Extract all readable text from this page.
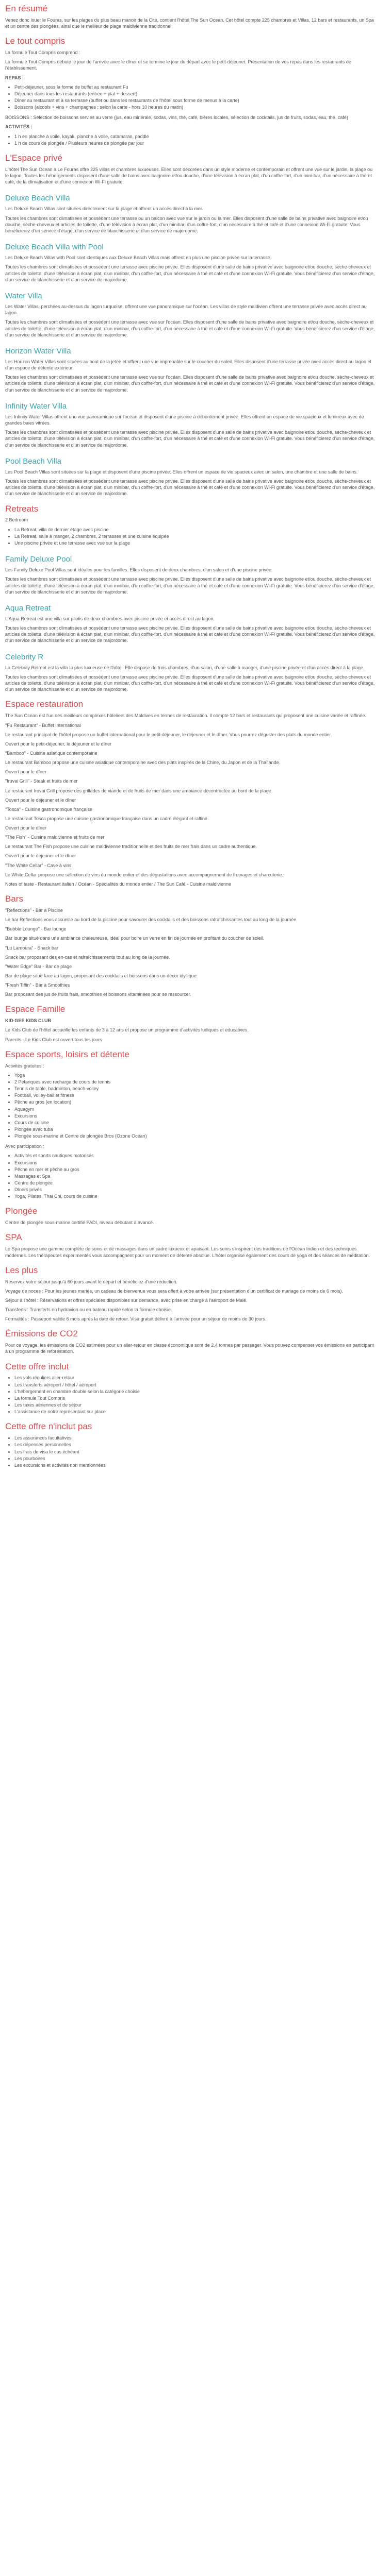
En résumé

Venez donc louer le Fouras, sur les plages du plus beau manoir de la Cité, contient l'hôtel The Sun Ocean. Cet hôtel compte 225 chambres et Villas, 12 bars et restaurants, un Spa et un centre des plongées, ainsi que le meilleur de plage maldivienne traditionnel.

Le tout compris

La formule Tout Compris comprend :

La formule Tout Compris débute le jour de l'arrivée avec le dîner et se termine le jour du départ avec le petit-déjeuner. Présentation de vos repas dans les restaurants de l'établissement.

REPAS :

• Petit-déjeuner, sous la forme de buffet au restaurant Fu
• Déjeuner dans tous les restaurants (entrée + plat + dessert)
• Dîner au restaurant et à sa terrasse (buffet ou dans les restaurants de l'hôtel sous forme de menus à la carte)
• Boissons (alcools + vins + champagnes : selon la carte - hors 10 heures du matin)

BOISSONS : Sélection de boissons servies au verre (jus, eau minérale, sodas, vins, thé, café, bières locales, sélection de cocktails, jus de fruits, sodas, eau, thé, café)

ACTIVITÉS :

• 1 h en planche à voile, kayak, planche à voile, catamaran, paddle
• 1 h de cours de plongée / Plusieurs heures de plongée par jour
L'Espace privé

L'hôtel The Sun Ocean à Le Fouras offre 225 villas et chambres luxueuses. Elles sont décorées dans un style moderne et contemporain et offrent une vue sur le jardin, la plage ou le lagon. Toutes les hébergements disposent d'une salle de bains avec baignoire et/ou douche, d'une télévision à écran plat, d'un coffre-fort, d'un mini-bar, d'un nécessaire à thé et café, de la climatisation et d'une connexion Wi-Fi gratuite.

Deluxe Beach Villa

Les Deluxe Beach Villas sont situées directement sur la plage et offrent un accès direct à la mer.

Toutes les chambres sont climatisées et possèdent une terrasse ou un balcon avec vue sur le jardin ou la mer. Elles disposent d'une salle de bains privative avec baignoire et/ou douche, sèche-cheveux et articles de toilette, d'une télévision à écran plat, d'un minibar, d'un coffre-fort, d'un nécessaire à thé et café et d'une connexion Wi-Fi gratuite. Vous bénéficierez d'un service d'étage, d'un service de blanchisserie et d'un service de majordome.

Deluxe Beach Villa with Pool

Les Deluxe Beach Villas with Pool sont identiques aux Deluxe Beach Villas mais offrent en plus une piscine privée sur la terrasse.

Toutes les chambres sont climatisées et possèdent une terrasse avec piscine privée. Elles disposent d'une salle de bains privative avec baignoire et/ou douche, sèche-cheveux et articles de toilette, d'une télévision à écran plat, d'un minibar, d'un coffre-fort, d'un nécessaire à thé et café et d'une connexion Wi-Fi gratuite. Vous bénéficierez d'un service d'étage, d'un service de blanchisserie et d'un service de majordome.

Water Villa

Les Water Villas, perchées au-dessus du lagon turquoise, offrent une vue panoramique sur l'océan. Les villas de style maldivien offrent une terrasse privée avec accès direct au lagon.

Toutes les chambres sont climatisées et possèdent une terrasse avec vue sur l'océan. Elles disposent d'une salle de bains privative avec baignoire et/ou douche, sèche-cheveux et articles de toilette, d'une télévision à écran plat, d'un minibar, d'un coffre-fort, d'un nécessaire à thé et café et d'une connexion Wi-Fi gratuite. Vous bénéficierez d'un service d'étage, d'un service de blanchisserie et d'un service de majordome.

Horizon Water Villa

Les Horizon Water Villas sont situées au bout de la jetée et offrent une vue imprenable sur le coucher du soleil. Elles disposent d'une terrasse privée avec accès direct au lagon et d'un espace de détente extérieur.

Toutes les chambres sont climatisées et possèdent une terrasse avec vue sur l'océan. Elles disposent d'une salle de bains privative avec baignoire et/ou douche, sèche-cheveux et articles de toilette, d'une télévision à écran plat, d'un minibar, d'un coffre-fort, d'un nécessaire à thé et café et d'une connexion Wi-Fi gratuite. Vous bénéficierez d'un service d'étage, d'un service de blanchisserie et d'un service de majordome.

Infinity Water Villa

Les Infinity Water Villas offrent une vue panoramique sur l'océan et disposent d'une piscine à débordement privée. Elles offrent un espace de vie spacieux et lumineux avec de grandes baies vitrées.

Toutes les chambres sont climatisées et possèdent une terrasse avec piscine privée. Elles disposent d'une salle de bains privative avec baignoire et/ou douche, sèche-cheveux et articles de toilette, d'une télévision à écran plat, d'un minibar, d'un coffre-fort, d'un nécessaire à thé et café et d'une connexion Wi-Fi gratuite. Vous bénéficierez d'un service d'étage, d'un service de blanchisserie et d'un service de majordome.

Pool Beach Villa

Les Pool Beach Villas sont situées sur la plage et disposent d'une piscine privée. Elles offrent un espace de vie spacieux avec un salon, une chambre et une salle de bains.

Toutes les chambres sont climatisées et possèdent une terrasse avec piscine privée. Elles disposent d'une salle de bains privative avec baignoire et/ou douche, sèche-cheveux et articles de toilette, d'une télévision à écran plat, d'un minibar, d'un coffre-fort, d'un nécessaire à thé et café et d'une connexion Wi-Fi gratuite. Vous bénéficierez d'un service d'étage, d'un service de blanchisserie et d'un service de majordome.

Retreats

2 Bedroom

• La Retreat, villa de dernier étage avec piscine
• La Retreat, salle à manger, 2 chambres, 2 terrasses et une cuisine équipée
• Une piscine privée et une terrasse avec vue sur la plage
Family Deluxe Pool

Les Family Deluxe Pool Villas sont idéales pour les familles. Elles disposent de deux chambres, d'un salon et d'une piscine privée.

Toutes les chambres sont climatisées et possèdent une terrasse avec piscine privée. Elles disposent d'une salle de bains privative avec baignoire et/ou douche, sèche-cheveux et articles de toilette, d'une télévision à écran plat, d'un minibar, d'un coffre-fort, d'un nécessaire à thé et café et d'une connexion Wi-Fi gratuite. Vous bénéficierez d'un service d'étage, d'un service de blanchisserie et d'un service de majordome.

Aqua Retreat

L'Aqua Retreat est une villa sur pilotis de deux chambres avec piscine privée et accès direct au lagon.

Toutes les chambres sont climatisées et possèdent une terrasse avec piscine privée. Elles disposent d'une salle de bains privative avec baignoire et/ou douche, sèche-cheveux et articles de toilette, d'une télévision à écran plat, d'un minibar, d'un coffre-fort, d'un nécessaire à thé et café et d'une connexion Wi-Fi gratuite. Vous bénéficierez d'un service d'étage, d'un service de blanchisserie et d'un service de majordome.

Celebrity R

La Celebrity Retreat est la villa la plus luxueuse de l'hôtel. Elle dispose de trois chambres, d'un salon, d'une salle à manger, d'une piscine privée et d'un accès direct à la plage.

Toutes les chambres sont climatisées et possèdent une terrasse avec piscine privée. Elles disposent d'une salle de bains privative avec baignoire et/ou douche, sèche-cheveux et articles de toilette, d'une télévision à écran plat, d'un minibar, d'un coffre-fort, d'un nécessaire à thé et café et d'une connexion Wi-Fi gratuite. Vous bénéficierez d'un service d'étage, d'un service de blanchisserie et d'un service de majordome.

Espace restauration

The Sun Ocean est l'un des meilleurs complexes hôteliers des Maldives en termes de restauration. Il compte 12 bars et restaurants qui proposent une cuisine variée et raffinée.

"Fu Restaurant" - Buffet International

Le restaurant principal de l'hôtel propose un buffet international pour le petit-déjeuner, le déjeuner et le dîner. Vous pourrez déguster des plats du monde entier.

Ouvert pour le petit-déjeuner, le déjeuner et le dîner

"Bamboo" - Cuisine asiatique contemporaine

Le restaurant Bamboo propose une cuisine asiatique contemporaine avec des plats inspirés de la Chine, du Japon et de la Thaïlande.

Ouvert pour le dîner

"Iruvai Grill" - Steak et fruits de mer

Le restaurant Iruvai Grill propose des grillades de viande et de fruits de mer dans une ambiance décontractée au bord de la plage.

Ouvert pour le déjeuner et le dîner

"Tosca" - Cuisine gastronomique française

Le restaurant Tosca propose une cuisine gastronomique française dans un cadre élégant et raffiné.

Ouvert pour le dîner

"The Fish" - Cuisine maldivienne et fruits de mer

Le restaurant The Fish propose une cuisine maldivienne traditionnelle et des fruits de mer frais dans un cadre authentique.

Ouvert pour le déjeuner et le dîner

"The White Cellar" - Cave à vins

Le White Cellar propose une sélection de vins du monde entier et des dégustations avec accompagnement de fromages et charcuterie.

Notes of taste - Restaurant italien / Océan - Spécialités du monde entier / The Sun Café - Cuisine maldivienne

Bars

"Reflections" - Bar à Piscine

Le bar Reflections vous accueille au bord de la piscine pour savourer des cocktails et des boissons rafraîchissantes tout au long de la journée.

"Bubble Lounge" - Bar lounge

Bar lounge situé dans une ambiance chaleureuse, idéal pour boire un verre en fin de journée en profitant du coucher de soleil.

"Lu Lamoura" - Snack bar

Snack bar proposant des en-cas et rafraîchissements tout au long de la journée.

"Water Edge" Bar - Bar de plage

Bar de plage situé face au lagon, proposant des cocktails et boissons dans un décor idyllique.

"Fresh Tiffin" - Bar à Smoothies

Bar proposant des jus de fruits frais, smoothies et boissons vitaminées pour se ressourcer.

Espace Famille

KID-GEE KIDS CLUB

Le Kids Club de l'hôtel accueille les enfants de 3 à 12 ans et propose un programme d'activités ludiques et éducatives.

Parents - Le Kids Club est ouvert tous les jours

Espace sports, loisirs et détente

Activités gratuites :

• Yoga
• 2 Pétanques avec recharge de cours de tennis
• Tennis de table, badminton, beach-volley
• Football, volley-ball et fitness
• Pêche au gros (en location)
• Aquagym
• Excursions
• Cours de cuisine
• Plongée avec tuba
• Plongée sous-marine et Centre de plongée Bros (Ozone Ocean)

Avec participation :

• Activités et sports nautiques motorisés
• Excursions
• Pêche en mer et pêche au gros
• Massages et Spa
• Centre de plongée
• Dîners privés
• Yoga, Pilates, Thai Chi, cours de cuisine
Plongée

Centre de plongée sous-marine certifié PADI, niveau débutant à avancé.

SPA

Le Spa propose une gamme complète de soins et de massages dans un cadre luxueux et apaisant. Les soins s'inspirent des traditions de l'Océan Indien et des techniques modernes. Les thérapeutes expérimentés vous accompagnent pour un moment de détente absolue. L'hôtel organise également des cours de yoga et des séances de méditation.

Les plus

Réservez votre séjour jusqu'à 60 jours avant le départ et bénéficiez d'une réduction.

Voyage de noces : Pour les jeunes mariés, un cadeau de bienvenue vous sera offert à votre arrivée (sur présentation d'un certificat de mariage de moins de 6 mois).

Séjour à l'hôtel : Réservations et offres spéciales disponibles sur demande, avec prise en charge à l'aéroport de Malé.

Transferts : Transferts en hydravion ou en bateau rapide selon la formule choisie.

Formalités : Passeport valide 6 mois après la date de retour. Visa gratuit délivré à l'arrivée pour un séjour de moins de 30 jours.

Émissions de CO2

Pour ce voyage, les émissions de CO2 estimées pour un aller-retour en classe économique sont de 2,4 tonnes par passager. Vous pouvez compenser vos émissions en participant à un programme de reforestation.

Cette offre inclut
• Les vols réguliers aller-retour
• Les transferts aéroport / hôtel / aéroport
• L'hébergement en chambre double selon la catégorie choisie
• La formule Tout Compris
• Les taxes aériennes et de séjour
• L'assistance de notre représentant sur place
Cette offre n'inclut pas
• Les assurances facultatives
• Les dépenses personnelles
• Les frais de visa le cas échéant
• Les pourboires
• Les excursions et activités non mentionnées
